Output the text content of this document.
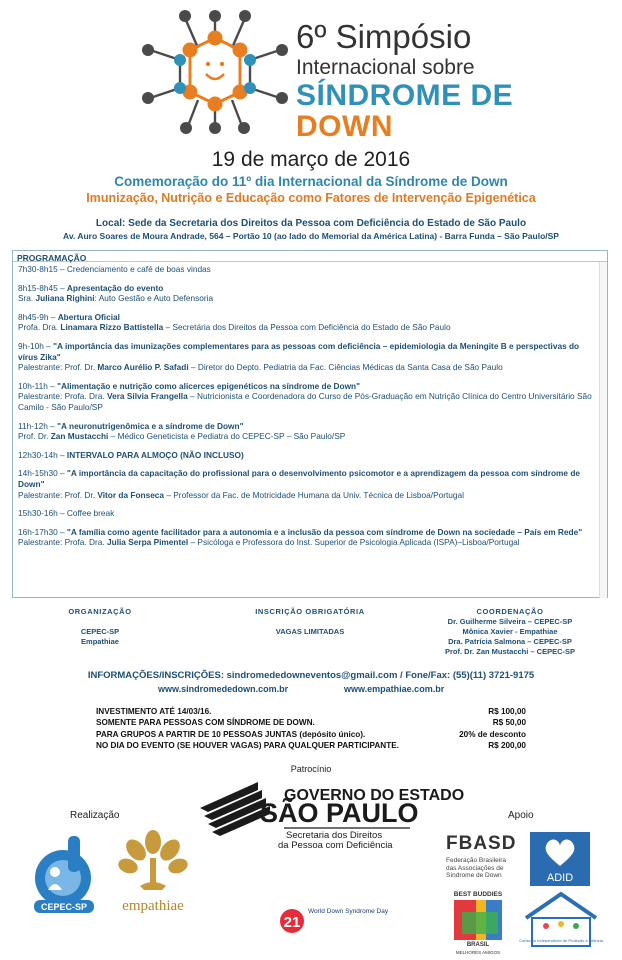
6º Simpósio
Internacional sobre
SÍNDROME DE
DOWN
19 de março de 2016
Comemoração do 11º dia Internacional da Síndrome de Down
Imunização, Nutrição e Educação como Fatores de Intervenção Epigenética
Local: Sede da Secretaria dos Direitos da Pessoa com Deficiência do Estado de São Paulo
Av. Auro Soares de Moura Andrade, 564 – Portão 10 (ao lado do Memorial da América Latina) - Barra Funda – São Paulo/SP
PROGRAMAÇÃO
7h30-8h15 – Credenciamento e café de boas vindas
8h15-8h45 – Apresentação do evento
Sra. Juliana Righini: Auto Gestão e Auto Defensoria
8h45-9h – Abertura Oficial
Profa. Dra. Linamara Rizzo Battistella – Secretária dos Direitos da Pessoa com Deficiência do Estado de São Paulo
9h-10h – "A importância das imunizações complementares para as pessoas com deficiência – epidemiologia da Meningite B e perspectivas do vírus Zika"
Palestrante: Prof. Dr. Marco Aurélio P. Safadi – Diretor do Depto. Pediatria da Fac. Ciências Médicas da Santa Casa de São Paulo
10h-11h – "Alimentação e nutrição como alicerces epigenéticos na síndrome de Down"
Palestrante: Profa. Dra. Vera Silvia Frangella – Nutricionista e Coordenadora do Curso de Pós-Graduação em Nutrição Clínica do Centro Universitário São Camilo - São Paulo/SP
11h-12h – "A neuronutrigenômica e a síndrome de Down"
Prof. Dr. Zan Mustacchi – Médico Geneticista e Pediatra do CEPEC-SP – São Paulo/SP
12h30-14h – INTERVALO PARA ALMOÇO (NÃO INCLUSO)
14h-15h30 – "A importância da capacitação do profissional para o desenvolvimento psicomotor e a aprendizagem da pessoa com síndrome de Down"
Palestrante: Prof. Dr. Vitor da Fonseca – Professor da Fac. de Motricidade Humana da Univ. Técnica de Lisboa/Portugal
15h30-16h – Coffee break
16h-17h30 – "A família como agente facilitador para a autonomia e a inclusão da pessoa com síndrome de Down na sociedade – País em Rede"
Palestrante: Profa. Dra. Julia Serpa Pimentel – Psicóloga e Professora do Inst. Superior de Psicologia Aplicada (ISPA)–Lisboa/Portugal
ORGANIZAÇÃO
CEPEC-SP
Empathiae
INSCRIÇÃO OBRIGATÓRIA
VAGAS LIMITADAS
COORDENAÇÃO
Dr. Guilherme Silveira – CEPEC-SP
Mônica Xavier - Empathiae
Dra. Patrícia Salmona – CEPEC-SP
Prof. Dr. Zan Mustacchi – CEPEC-SP
INFORMAÇÕES/INSCRIÇÕES: sindromededowneventos@gmail.com / Fone/Fax: (55)(11) 3721-9175
www.sindromededown.com.br	www.empathiae.com.br
INVESTIMENTO ATÉ 14/03/16.	R$ 100,00
SOMENTE PARA PESSOAS COM SÍNDROME DE DOWN.	R$ 50,00
PARA GRUPOS A PARTIR DE 10 PESSOAS JUNTAS (depósito único).	20% de desconto
NO DIA DO EVENTO (SE HOUVER VAGAS) PARA QUALQUER PARTICIPANTE.	R$ 200,00
Patrocínio
GOVERNO DO ESTADO
SÃO PAULO
Secretaria dos Direitos
da Pessoa com Deficiência
Realização	Apoio
CEPEC-SP empathiae
21
World Down Syndrome Day
FBASD
Federação Brasileira das Associações de Síndrome de Down	ADID
BEST BUDDIES
BRASIL
MELHORES AMIGOS
Conselho Independente de Proteção à Infância
